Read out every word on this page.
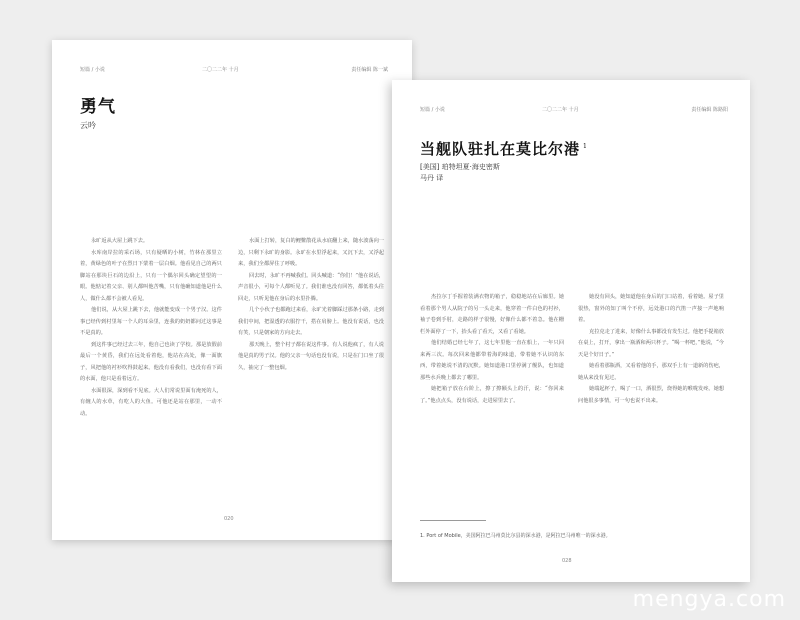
短篇 / 小说	二〇二二年 十月	责任编辑 陈一斌
勇气
云吟

永旷返从大屋上跳下去。

水库南岸拉的采石场，只有疑晒的小树，竹林在那里立着，黄绿色的叶子在烈日下蒙着一层白烟。他看见自己的两只脚站在那块巨石的边沿上，只有一个偶尔回头确定望望的一眼。他惦记着父亲、别人都叫他苦嘴，只有他确知道他是什么人，做什么都不会被人看见。

他们说，从大屋上跳下去，他就能变成一个男子汉。这件事已经传到村里每一个人的耳朵里，连我的奶奶都问过这事是不是真的。

到这件事已经过去三年，他自己也读了学校。那是放假前最后一个黄昏，我们在远处看着他，他站在高处，像一面旗子，风把他的衬衫吹得鼓起来。他没有看我们，也没有看下面的水面，他只是看着远方。

水面很深，深到看不见底。大人们常说里面有淹死的人，有缠人的水草，有吃人的大鱼。可他还是站在那里，一动不动。

水面上打转，复白的鲤鳖散花从水底翻上来，随水波荡向一边，只剩下永旷的身影。永旷在水里浮起来，又沉下去，又浮起来，我们全都屏住了呼吸。

回去时，永旷不再喊我们。回头喊道：“你们！”他在说话，声音很小，可每个人都听见了。我们谁也没有回答，都低着头往回走，只听见他在身后的水里扑腾。

几个小伙子也都跑过来看，永旷光着脚踩过那条小路，走到我们中间，把湿透的衣服拧干，搭在肩膀上。他没有说话，也没有笑，只是朝家的方向走去。

那天晚上，整个村子都在说这件事。有人说他疯了，有人说他是真的男子汉。他的父亲一句话也没有说，只是在门口坐了很久，抽完了一整包烟。

020
短篇 / 小说	二〇二二年 十月	责任编辑 陈路阳
当舰队驻扎在莫比尔港 $^1$
[美国] 珀特坦夏·海史密斯
马丹 译

杰拉尔丁手握着装满衣物的箱子，稳稳地站在后廊里。她看着那个男人从院子的另一头走来，他穿着一件白色的衬衫，袖子卷到手肘，走路的样子很慢，好像什么都不着急。他在栅栏外面停了一下，抬头看了看天，又看了看她。

他们结婚已经七年了，这七年里他一直在船上，一年只回来两三次。每次回来他都带着海的味道，带着她不认识的东西，带着她说不清的沉默。她知道港口里停满了舰队，也知道那些水兵晚上都去了哪里。

她把箱子放在台阶上，擦了擦额头上的汗，说：“你回来了。”他点点头，没有说话，走进屋里去了。

她没有回头，她知道他在身后的门口站着，看着她。屋子里很热，窗外的知了叫个不停，远处港口的汽笛一声接一声地响着。

克拉克走了进来，好像什么事都没有发生过。他把手提箱放在桌上，打开，拿出一瓶酒和两只杯子。“喝一杯吧，”他说，“今天是个好日子。”

她看着那瓶酒，又看着他的手，那双手上有一道新的伤疤，她从来没有见过。

她端起杯子，喝了一口，酒很烈，烧得她的喉咙发疼。她想问他很多事情，可一句也说不出来。

1. Port of Mobile，美国阿拉巴马州莫比尔县的深水港，是阿拉巴马州唯一的深水港。
028
mengya.com
